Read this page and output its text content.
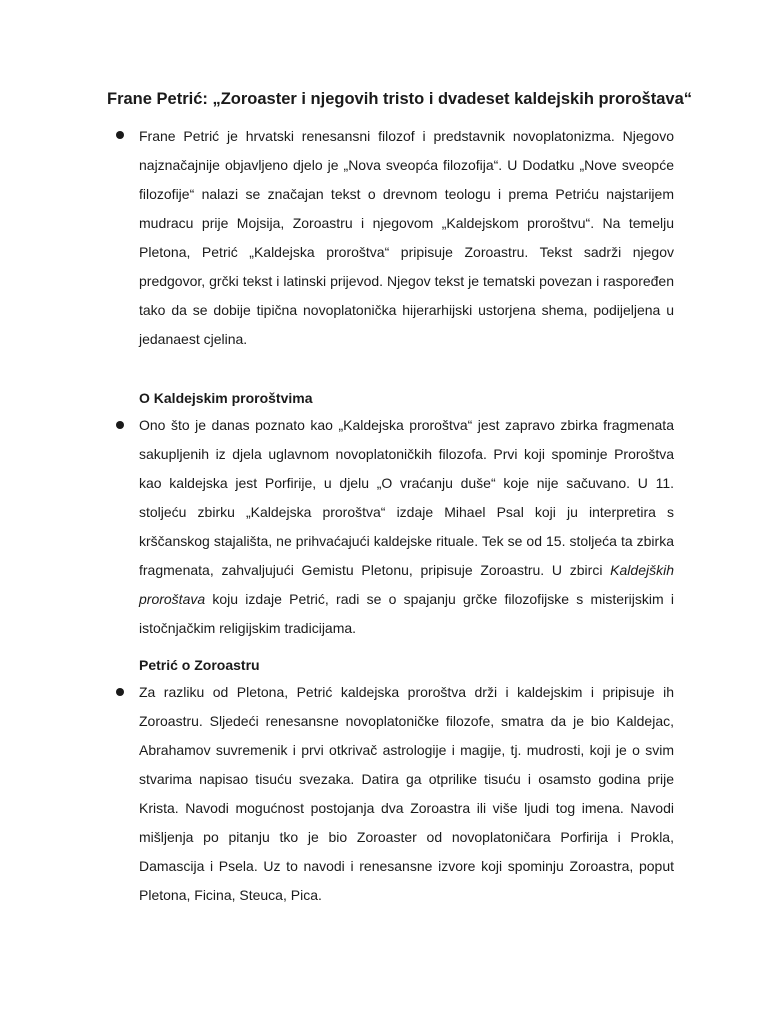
Frane Petrić: „Zoroaster i njegovih tristo i dvadeset kaldejskih proroštava“
Frane Petrić je hrvatski renesansni filozof i predstavnik novoplatonizma. Njegovo najznačajnije objavljeno djelo je „Nova sveopća filozofija“. U Dodatku „Nove sveopće filozofije“ nalazi se značajan tekst o drevnom teologu i prema Petriću najstarijem mudracu prije Mojsija, Zoroastru i njegovom „Kaldejskom proroštvu“. Na temelju Pletona, Petrić „Kaldejska proroštva“ pripisuje Zoroastru. Tekst sadrži njegov predgovor, grčki tekst i latinski prijevod. Njegov tekst je tematski povezan i raspoređen tako da se dobije tipična novoplatonička hijerarhijski ustorjena shema, podijeljena u jedanaest cjelina.
O Kaldejskim proroštvima
Ono što je danas poznato kao „Kaldejska proroštva“ jest zapravo zbirka fragmenata sakupljenih iz djela uglavnom novoplatoničkih filozofa. Prvi koji spominje Proroštva kao kaldejska jest Porfirije, u djelu „O vraćanju duše“ koje nije sačuvano. U 11. stoljeću zbirku „Kaldejska proroštva“ izdaje Mihael Psal koji ju interpretira s krščanskog stajališta, ne prihvaćajući kaldejske rituale. Tek se od 15. stoljeća ta zbirka fragmenata, zahvaljujući Gemistu Pletonu, pripisuje Zoroastru. U zbirci Kaldejških proroštava koju izdaje Petrić, radi se o spajanju grčke filozofijske s misterijskim i istočnjačkim religijskim tradicijama.
Petrić o Zoroastru
Za razliku od Pletona, Petrić kaldejska proroštva drži i kaldejskim i pripisuje ih Zoroastru. Sljedeći renesansne novoplatoničke filozofe, smatra da je bio Kaldejac, Abrahamov suvremenik i prvi otkrivač astrologije i magije, tj. mudrosti, koji je o svim stvarima napisao tisuću svezaka. Datira ga otprilike tisuću i osamsto godina prije Krista. Navodi mogućnost postojanja dva Zoroastra ili više ljudi tog imena. Navodi mišljenja po pitanju tko je bio Zoroaster od novoplatoničara Porfirija i Prokla, Damascija i Psela. Uz to navodi i renesansne izvore koji spominju Zoroastra, poput Pletona, Ficina, Steuca, Pica.
